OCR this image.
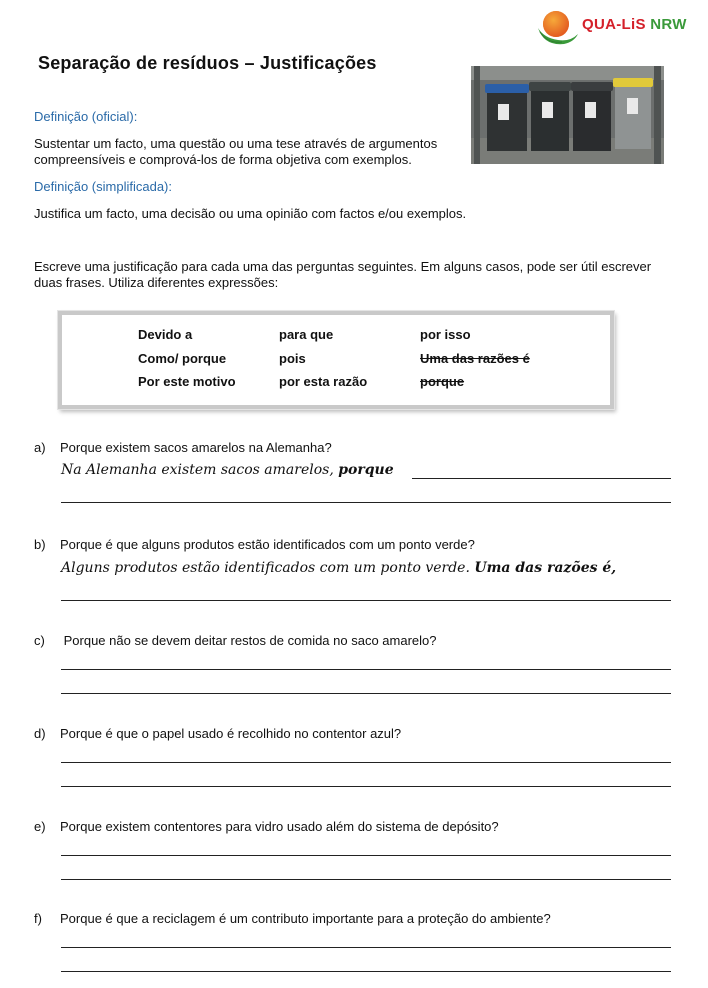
QUA-LiS NRW
Separação de resíduos – Justificações
Definição (oficial):
Sustentar um facto, uma questão ou uma tese através de argumentos
compreensíveis e comprová-los de forma objetiva com exemplos.
Definição (simplificada):
Justifica um facto, uma decisão ou uma opinião com factos e/ou exemplos.
Escreve uma justificação para cada uma das perguntas seguintes. Em alguns casos, pode ser útil escrever
duas frases. Utiliza diferentes expressões:
Devido a
Como/ porque
Por este motivo
para que
pois
por esta razão
por isso
Uma das razões é
porque
a) Porque existem sacos amarelos na Alemanha?
Na Alemanha existem sacos amarelos, porque
b) Porque é que alguns produtos estão identificados com um ponto verde?
Alguns produtos estão identificados com um ponto verde. Uma das razões é,
c) Porque não se devem deitar restos de comida no saco amarelo?
d) Porque é que o papel usado é recolhido no contentor azul?
e) Porque existem contentores para vidro usado além do sistema de depósito?
f) Porque é que a reciclagem é um contributo importante para a proteção do ambiente?
